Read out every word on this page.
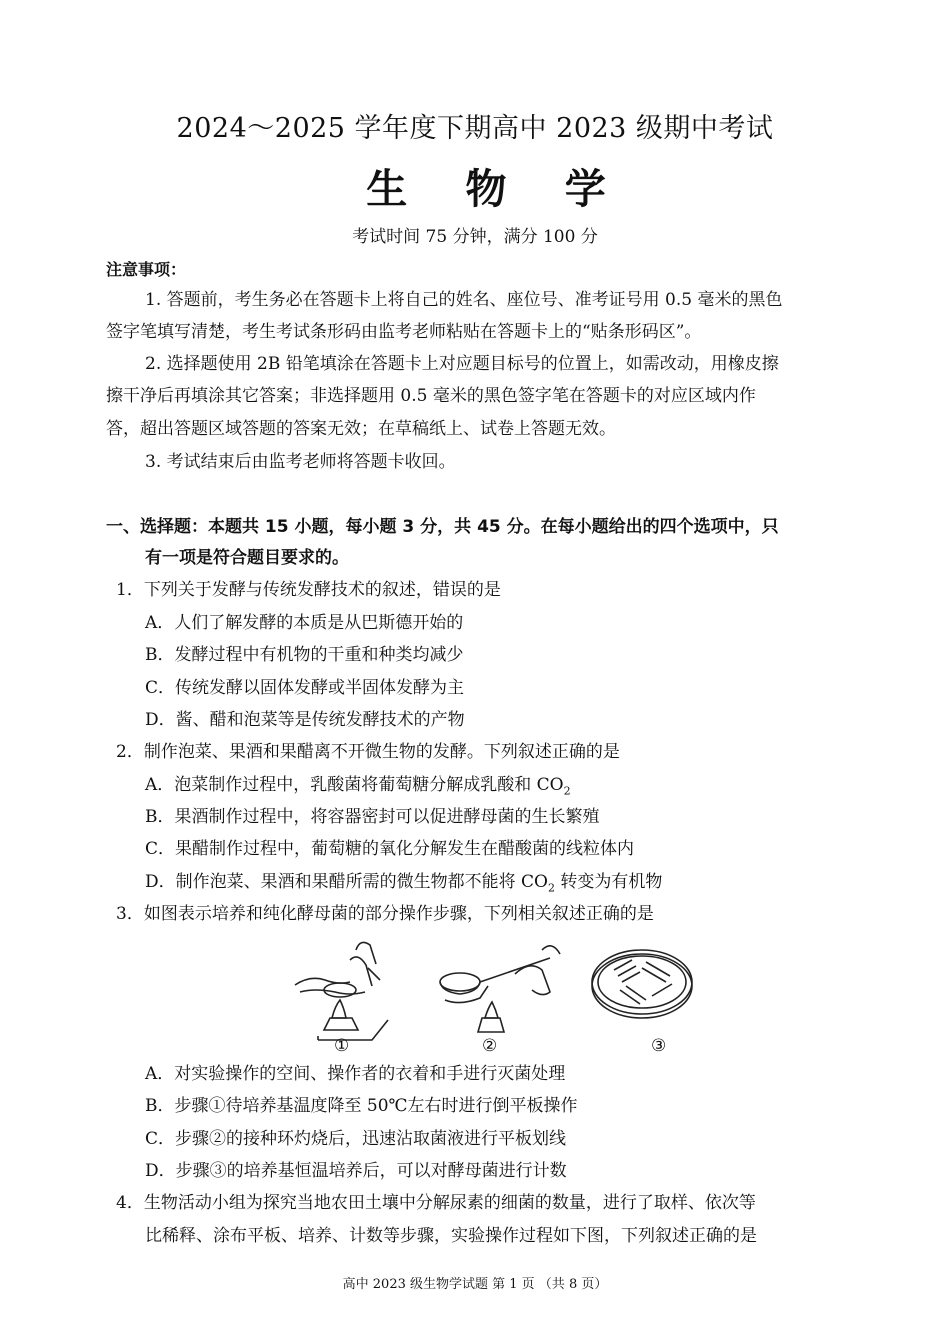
2024～2025 学年度下期高中 2023 级期中考试
生 物 学
考试时间 75 分钟，满分 100 分
注意事项：
1. 答题前，考生务必在答题卡上将自己的姓名、座位号、准考证号用 0.5 毫米的黑色
签字笔填写清楚，考生考试条形码由监考老师粘贴在答题卡上的“贴条形码区”。
2. 选择题使用 2B 铅笔填涂在答题卡上对应题目标号的位置上，如需改动，用橡皮擦
擦干净后再填涂其它答案；非选择题用 0.5 毫米的黑色签字笔在答题卡的对应区域内作
答，超出答题区域答题的答案无效；在草稿纸上、试卷上答题无效。
3. 考试结束后由监考老师将答题卡收回。
一、选择题：本题共 15 小题，每小题 3 分，共 45 分。在每小题给出的四个选项中，只
有一项是符合题目要求的。
1．下列关于发酵与传统发酵技术的叙述，错误的是
A．人们了解发酵的本质是从巴斯德开始的
B．发酵过程中有机物的干重和种类均减少
C．传统发酵以固体发酵或半固体发酵为主
D．酱、醋和泡菜等是传统发酵技术的产物
2．制作泡菜、果酒和果醋离不开微生物的发酵。下列叙述正确的是
A．泡菜制作过程中，乳酸菌将葡萄糖分解成乳酸和 $CO_2$
B．果酒制作过程中，将容器密封可以促进酵母菌的生长繁殖
C．果醋制作过程中，葡萄糖的氧化分解发生在醋酸菌的线粒体内
D．制作泡菜、果酒和果醋所需的微生物都不能将 $CO_2$ 转变为有机物
3．如图表示培养和纯化酵母菌的部分操作步骤，下列相关叙述正确的是
①	②	③
A．对实验操作的空间、操作者的衣着和手进行灭菌处理
B．步骤①待培养基温度降至 50℃左右时进行倒平板操作
C．步骤②的接种环灼烧后，迅速沾取菌液进行平板划线
D．步骤③的培养基恒温培养后，可以对酵母菌进行计数
4．生物活动小组为探究当地农田土壤中分解尿素的细菌的数量，进行了取样、依次等
比稀释、涂布平板、培养、计数等步骤，实验操作过程如下图，下列叙述正确的是
高中 2023 级生物学试题 第 1 页 （共 8 页）
